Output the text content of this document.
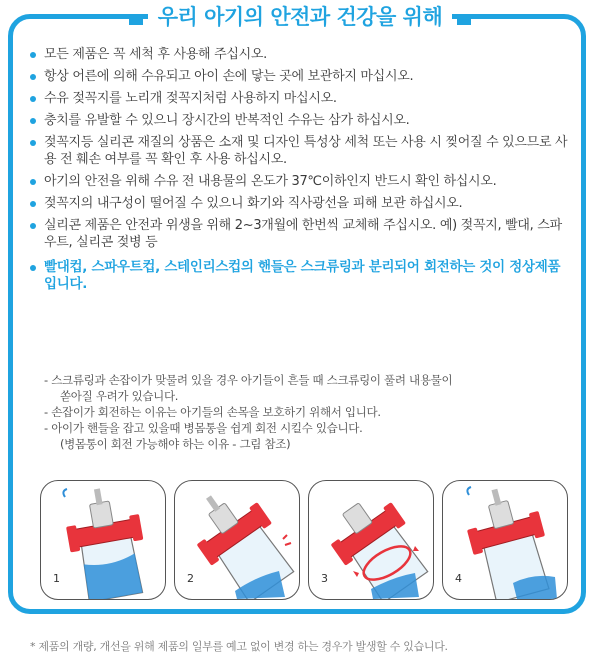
우리 아기의 안전과 건강을 위해
모든 제품은 꼭 세척 후 사용해 주십시오.
항상 어른에 의해 수유되고 아이 손에 닿는 곳에 보관하지 마십시오.
수유 젖꼭지를 노리개 젖꼭지처럼 사용하지 마십시오.
충치를 유발할 수 있으니 장시간의 반복적인 수유는 삼가 하십시오.
젖꼭지등 실리콘 재질의 상품은 소재 및 디자인 특성상 세척 또는 사용 시 찢어질 수 있으므로 사용 전 훼손 여부를 꼭 확인 후 사용 하십시오.
아기의 안전을 위해 수유 전 내용물의 온도가 37℃이하인지 반드시 확인 하십시오.
젖꼭지의 내구성이 떨어질 수 있으니 화기와 직사광선을 피해 보관 하십시오.
실리콘 제품은 안전과 위생을 위해 2~3개월에 한번씩 교체해 주십시오. 예) 젖꼭지, 빨대, 스파우트, 실리콘 젖병 등
빨대컵, 스파우트컵, 스테인리스컵의 핸들은 스크류링과 분리되어 회전하는 것이 정상제품 입니다.
- 스크류링과 손잡이가 맞물려 있을 경우 아기들이 흔들 때 스크류링이 풀려 내용물이
쏟아질 우려가 있습니다.
- 손잡이가 회전하는 이유는 아기들의 손목을 보호하기 위해서 입니다.
- 아이가 핸들을 잡고 있을때 병몸통을 쉽게 회전 시킬수 있습니다.
(병몸통이 회전 가능해야 하는 이유 - 그림 참조)
1	2	3	4
* 제품의 개량, 개선을 위해 제품의 일부를 예고 없이 변경 하는 경우가 발생할 수 있습니다.
